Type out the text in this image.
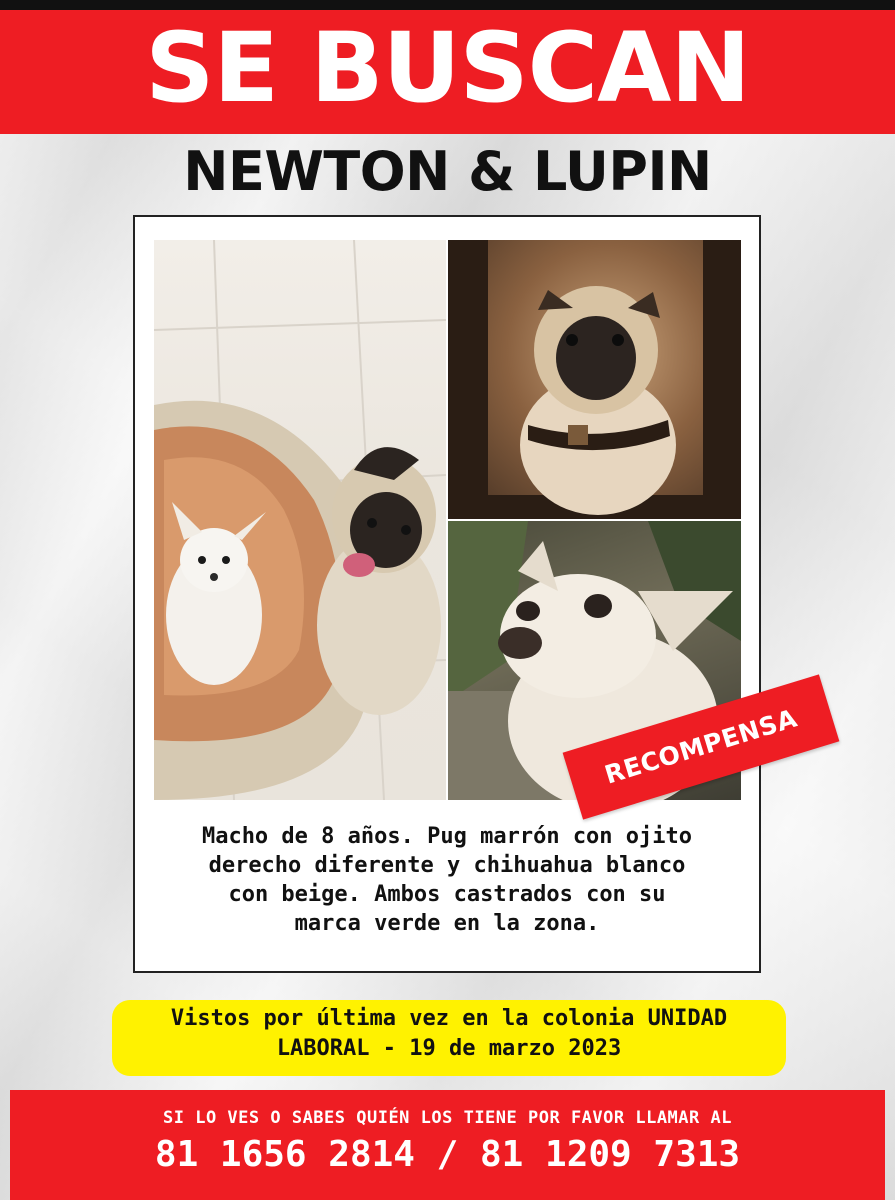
SE BUSCAN
NEWTON & LUPIN
RECOMPENSA
Macho de 8 años. Pug marrón con ojito
derecho diferente y chihuahua blanco
con beige. Ambos castrados con su
marca verde en la zona.
Vistos por última vez en la colonia UNIDAD
LABORAL - 19 de marzo 2023
SI LO VES O SABES QUIÉN LOS TIENE POR FAVOR LLAMAR AL
81 1656 2814 / 81 1209 7313
